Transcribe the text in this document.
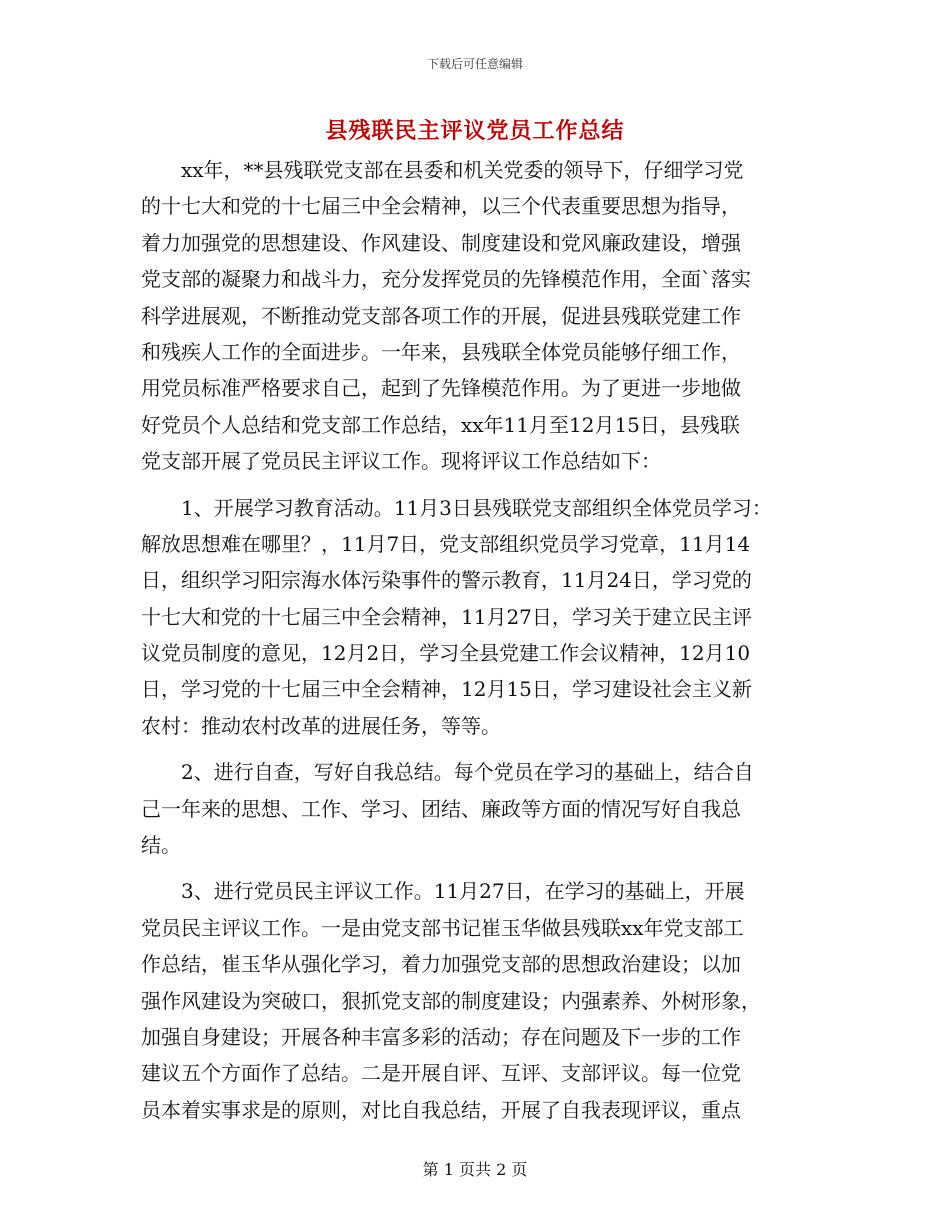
下载后可任意编辑
县残联民主评议党员工作总结
　　xx年，**县残联党支部在县委和机关党委的领导下，仔细学习党
的十七大和党的十七届三中全会精神，以三个代表重要思想为指导，
着力加强党的思想建设、作风建设、制度建设和党风廉政建设，增强
党支部的凝聚力和战斗力，充分发挥党员的先锋模范作用，全面`落实
科学进展观，不断推动党支部各项工作的开展，促进县残联党建工作
和残疾人工作的全面进步。一年来，县残联全体党员能够仔细工作，
用党员标准严格要求自己，起到了先锋模范作用。为了更进一步地做
好党员个人总结和党支部工作总结，xx年11月至12月15日，县残联
党支部开展了党员民主评议工作。现将评议工作总结如下：
　　1、开展学习教育活动。11月3日县残联党支部组织全体党员学习：
解放思想难在哪里？，11月7日，党支部组织党员学习党章，11月14
日，组织学习阳宗海水体污染事件的警示教育，11月24日，学习党的
十七大和党的十七届三中全会精神，11月27日，学习关于建立民主评
议党员制度的意见，12月2日，学习全县党建工作会议精神，12月10
日，学习党的十七届三中全会精神，12月15日，学习建设社会主义新
农村：推动农村改革的进展任务，等等。
　　2、进行自查，写好自我总结。每个党员在学习的基础上，结合自
己一年来的思想、工作、学习、团结、廉政等方面的情况写好自我总
结。
　　3、进行党员民主评议工作。11月27日，在学习的基础上，开展
党员民主评议工作。一是由党支部书记崔玉华做县残联xx年党支部工
作总结，崔玉华从强化学习，着力加强党支部的思想政治建设；以加
强作风建设为突破口，狠抓党支部的制度建设；内强素养、外树形象，
加强自身建设；开展各种丰富多彩的活动；存在问题及下一步的工作
建议五个方面作了总结。二是开展自评、互评、支部评议。每一位党
员本着实事求是的原则，对比自我总结，开展了自我表现评议，重点
第 1 页共 2 页
